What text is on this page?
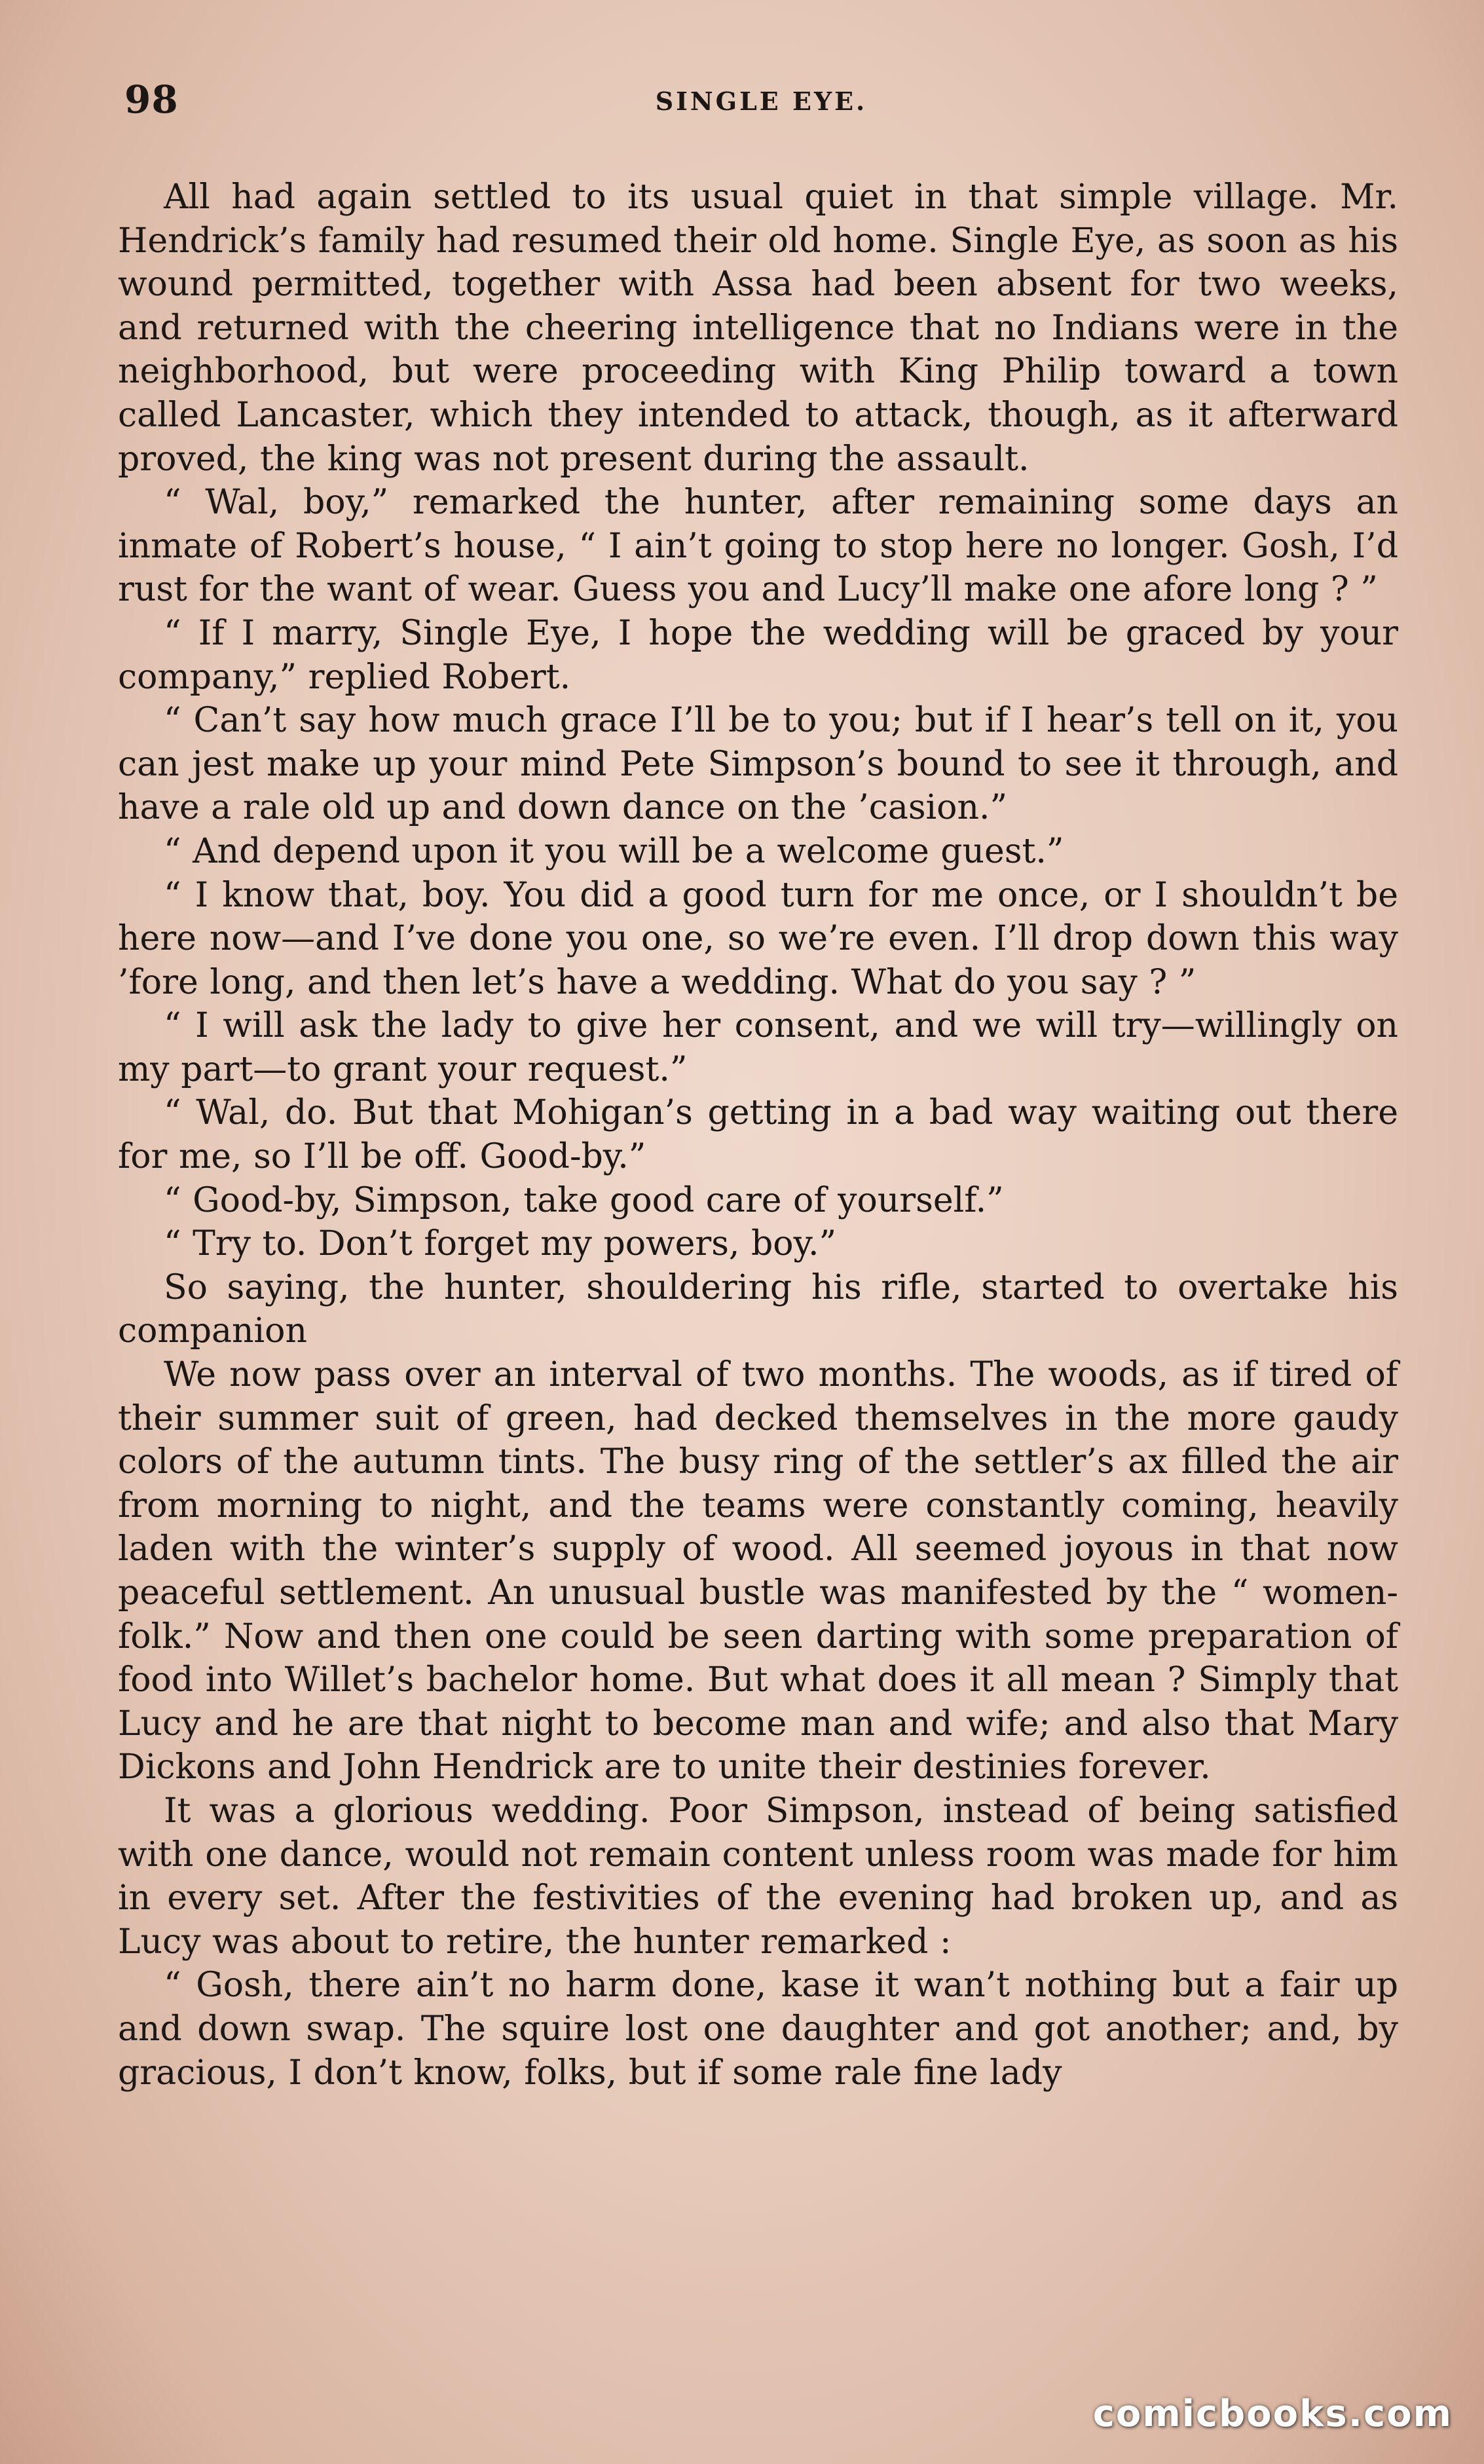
98	SINGLE EYE.

All had again settled to its usual quiet in that simple village. Mr. Hendrick’s family had resumed their old home. Single Eye, as soon as his wound permitted, together with Assa had been absent for two weeks, and returned with the cheering intelligence that no Indians were in the neighborhood, but were proceeding with King Philip toward a town called Lancaster, which they intended to attack, though, as it afterward proved, the king was not present during the assault.

“ Wal, boy,” remarked the hunter, after remaining some days an inmate of Robert’s house, “ I ain’t going to stop here no longer. Gosh, I’d rust for the want of wear. Guess you and Lucy’ll make one afore long ? ”

“ If I marry, Single Eye, I hope the wedding will be graced by your company,” replied Robert.

“ Can’t say how much grace I’ll be to you; but if I hear’s tell on it, you can jest make up your mind Pete Simpson’s bound to see it through, and have a rale old up and down dance on the ’casion.”

“ And depend upon it you will be a welcome guest.”

“ I know that, boy. You did a good turn for me once, or I shouldn’t be here now—and I’ve done you one, so we’re even. I’ll drop down this way ’fore long, and then let’s have a wedding. What do you say ? ”

“ I will ask the lady to give her consent, and we will try—willingly on my part—to grant your request.”

“ Wal, do. But that Mohigan’s getting in a bad way waiting out there for me, so I’ll be off. Good-by.”

“ Good-by, Simpson, take good care of yourself.”

“ Try to. Don’t forget my powers, boy.”

So saying, the hunter, shouldering his rifle, started to overtake his companion

We now pass over an interval of two months. The woods, as if tired of their summer suit of green, had decked themselves in the more gaudy colors of the autumn tints. The busy ring of the settler’s ax filled the air from morning to night, and the teams were constantly coming, heavily laden with the winter’s supply of wood. All seemed joyous in that now peaceful settlement. An unusual bustle was manifested by the “ women-folk.” Now and then one could be seen darting with some preparation of food into Willet’s bachelor home. But what does it all mean ? Simply that Lucy and he are that night to become man and wife; and also that Mary Dickons and John Hendrick are to unite their destinies forever.

It was a glorious wedding. Poor Simpson, instead of being satisfied with one dance, would not remain content unless room was made for him in every set. After the festivities of the evening had broken up, and as Lucy was about to retire, the hunter remarked :

“ Gosh, there ain’t no harm done, kase it wan’t nothing but a fair up and down swap. The squire lost one daughter and got another; and, by gracious, I don’t know, folks, but if some rale fine lady

comicbooks.com
